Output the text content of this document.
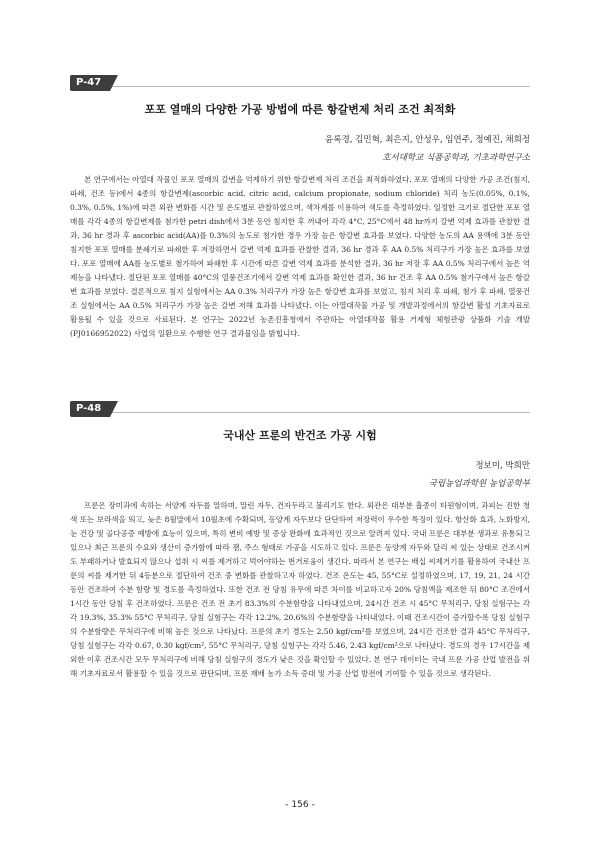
P-47
포포 열매의 다양한 가공 방법에 따른 항갈변제 처리 조건 최적화
윤록경, 김민혁, 최은지, 안성우, 임연주, 정예진, 채희정
호서대학교 식품공학과, 기초과학연구소
본 연구에서는 아열대 작물인 포포 열매의 갈변을 억제하기 위한 항갈변제 처리 조건을 최적화하였다. 포포 열매의 다양한 가공 조건(침지, 파쇄, 건조 등)에서 4종의 항갈변제(ascorbic acid, citric acid, calcium propionate, sodium chloride) 처리 농도(0.05%, 0.1%, 0.3%, 0.5%, 1%)에 따른 외관 변화를 시간 및 온도별로 관찰하였으며, 색차계를 이용하여 색도를 측정하였다. 일정한 크기로 절단한 포포 열매를 각각 4종의 항갈변제를 첨가한 petri dish에서 3분 동안 침지한 후 꺼내어 각각 4°C, 25°C에서 48 hr까지 갈변 억제 효과를 관찰한 결과, 36 hr 경과 후 ascorbic acid(AA)를 0.3%의 농도로 첨가한 경우 가장 높은 항갈변 효과를 보였다. 다양한 농도의 AA 용액에 3분 동안 침지한 포포 열매를 분쇄기로 파쇄한 후 저장하면서 갈변 억제 효과를 관찰한 결과, 36 hr 경과 후 AA 0.5% 처리구가 가장 높은 효과를 보였다. 포포 열매에 AA를 농도별로 첨가하여 파쇄한 후 시간에 따른 갈변 억제 효과를 분석한 결과, 36 hr 저장 후 AA 0.5% 처리구에서 높은 억제능을 나타냈다. 절단된 포포 열매를 40°C의 열풍건조기에서 갈변 억제 효과를 확인한 결과, 36 hr 건조 후 AA 0.5% 첨가구에서 높은 항갈변 효과를 보였다. 결론적으로 침지 실험에서는 AA 0.3% 처리구가 가장 높은 항갈변 효과를 보였고, 침지 처리 후 파쇄, 첨가 후 파쇄, 열풍건조 실험에서는 AA 0.5% 처리구가 가장 높은 갈변 저해 효과를 나타냈다. 이는 아열대작물 가공 및 개발과정에서의 항갈변 활성 기초자료로 활용될 수 있을 것으로 사료된다. 본 연구는 2022년 농촌진흥청에서 주관하는 아열대작물 활용 거제형 체험관광 상품화 기술 개발(PJ0166952022) 사업의 일환으로 수행한 연구 결과물임을 밝힙니다.
P-48
국내산 프룬의 반건조 가공 시험
정보미, 박희만
국립농업과학원 농업공학부
프룬은 장미과에 속하는 서양계 자두를 말하며, 말린 자두, 건자두라고 불리기도 한다. 외관은 대부분 흡종이 타원형이며, 과피는 진한 청색 또는 보라색을 띄고, 늦은 8월말에서 10월초에 수확되며, 동양계 자두보다 단단하여 저장력이 우수한 특징이 있다. 항산화 효과, 노화방지, 눈 건강 및 골다공증 예방에 효능이 있으며, 특히 변비 예방 및 증상 완화에 효과적인 것으로 알려져 있다. 국내 프룬은 대부분 생과로 유통되고 있으나 최근 프룬의 수요와 생산이 증가함에 따라 잼, 주스 형태로 가공을 시도하고 있다. 프룬은 동양계 자두와 달리 씨 있는 상태로 건조시켜도 부패하거나 발효되지 않으나 섭취 시 씨를 제거하고 먹어야하는 번거로움이 생긴다. 따라서 본 연구는 배십 씨제거기를 활용하여 국내산 프룬의 씨를 제거한 뒤 4등분으로 절단하여 건조 중 변화를 관찰하고자 하였다. 건조 온도는 45, 55°C로 설정하였으며, 17, 19, 21, 24 시간 동안 건조하여 수분 함량 및 경도를 측정하였다. 또한 건조 전 당침 유무에 따른 차이를 비교하고자 20% 당침액을 제조한 뒤 80°C 조건에서 1시간 동안 당침 후 건조하였다. 프룬은 건조 전 초기 83.3%의 수분함량을 나타내었으며, 24시간 건조 시 45°C 무처리구, 당침 실험구는 각각 19.3%, 35.3% 55°C 무처리구, 당침 실험구는 각각 12.2%, 20.6%의 수분함량을 나타내었다. 이때 건조시간이 증가할수록 당침 실험구의 수분함량은 무처리구에 비해 높은 것으로 나타났다. 프룬의 초기 경도는 2.50 kgf/cm²를 보였으며, 24시간 건조한 결과 45°C 무처리구, 당침 실험구는 각각 0.67, 0.30 kgf/cm², 55°C 무처리구, 당침 실험구는 각각 5.46, 2.43 kgf/cm²으로 나타났다. 경도의 경우 17시간을 제외한 이후 건조시간 모두 무처리구에 비해 당침 실험구의 경도가 낮은 것을 확인할 수 있었다. 본 연구 데이터는 국내 프룬 가공 산업 발전을 위해 기초자료로서 활용할 수 있을 것으로 판단되며, 프룬 재배 농가 소득 증대 및 가공 산업 발전에 기여할 수 있을 것으로 생각된다.
- 156 -
